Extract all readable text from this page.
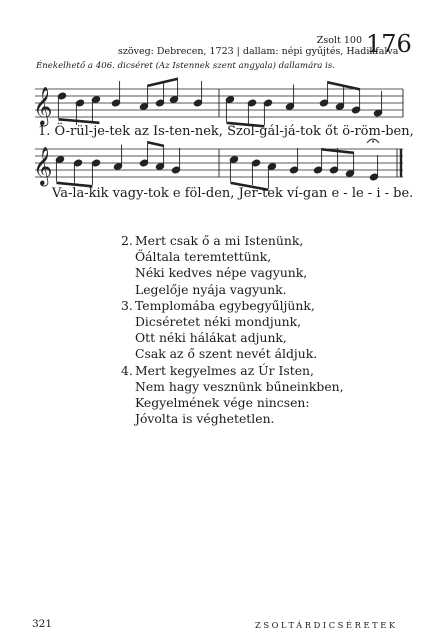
Zsolt 100
szöveg: Debrecen, 1723 | dallam: népi gyűjtés, Hadikfalva
176
Énekelhető a 406. dicséret (Az Istennek szent angyala) dallamára is.
𝄞
𝄞
1. Ö-rül-je-tek az Is-ten-nek, Szol-gál-já-tok őt ö-röm-ben,
Va-la-kik vagy-tok e föl-den, Jer-tek ví-gan e - le - i - be.
2. Mert csak ő a mi Istenünk,
Őáltala teremtettünk,
Néki kedves népe vagyunk,
Legelője nyája vagyunk.
3. Templomába egybegyűljünk,
Dicséretet néki mondjunk,
Ott néki hálákat adjunk,
Csak az ő szent nevét áldjuk.
4. Mert kegyelmes az Úr Isten,
Nem hagy vesznünk bűneinkben,
Kegyelmének vége nincsen:
Jóvolta is véghetetlen.
321	ZSOLTÁRDICSÉRETEK
